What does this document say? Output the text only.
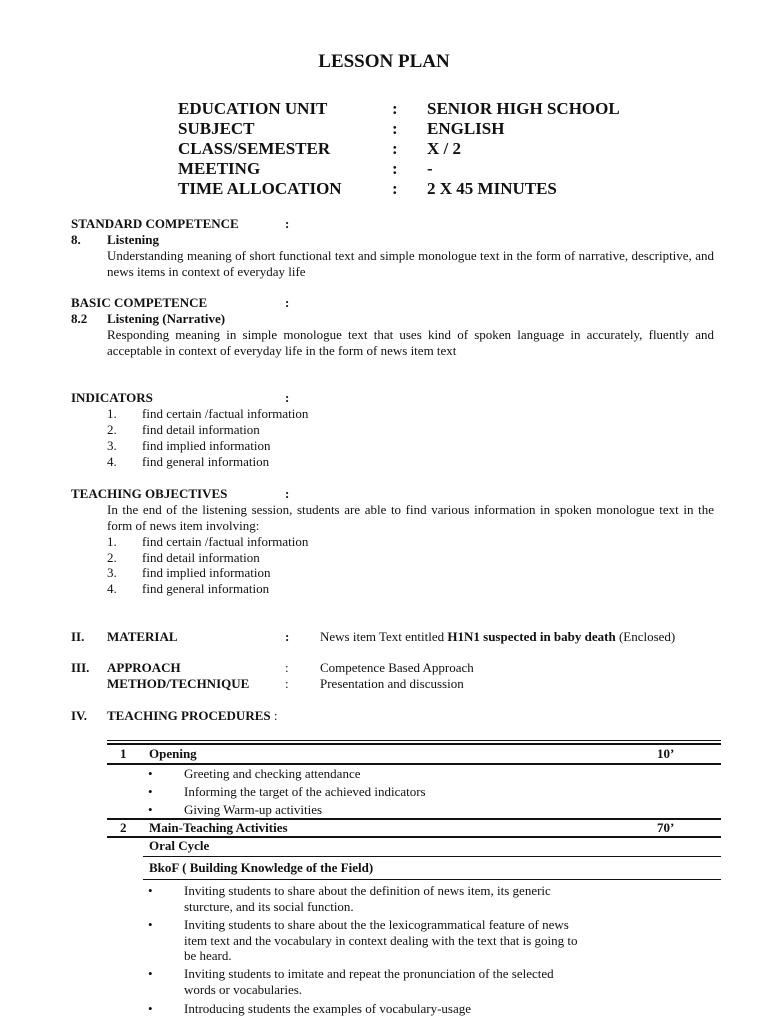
LESSON PLAN
EDUCATION UNIT	: SENIOR HIGH SCHOOL
SUBJECT	: ENGLISH
CLASS/SEMESTER	: X / 2
MEETING	: -
TIME ALLOCATION	: 2 X 45 MINUTES
STANDARD COMPETENCE	:
8. Listening
Understanding meaning of short functional text and simple monologue text in the form of narrative, descriptive, and news items in context of everyday life
BASIC COMPETENCE	:
8.2 Listening (Narrative)
Responding meaning in simple monologue text that uses kind of spoken language in accurately, fluently and acceptable in context of everyday life in the form of news item text
INDICATORS	:
1. find certain /factual information
2. find detail information
3. find implied information
4. find general information
TEACHING OBJECTIVES	:
In the end of the listening session, students are able to find various information in spoken monologue text in the form of news item involving:
1. find certain /factual information
2. find detail information
3. find implied information
4. find general information
II. MATERIAL	: News item Text entitled H1N1 suspected in baby death (Enclosed)
III. APPROACH	: Competence Based Approach
METHOD/TECHNIQUE	: Presentation and discussion
IV. TEACHING PROCEDURES :
1 Opening	10’
• Greeting and checking attendance
• Informing the target of the achieved indicators
• Giving Warm-up activities
2 Main-Teaching Activities	70’
Oral Cycle
BkoF ( Building Knowledge of the Field)
• Inviting students to share about the definition of news item, its generic
sturcture, and its social function.
• Inviting students to share about the the lexicogrammatical feature of news
item text and the vocabulary in context dealing with the text that is going to
be heard.
• Inviting students to imitate and repeat the pronunciation of the selected
words or vocabularies.
• Introducing students the examples of vocabulary-usage
